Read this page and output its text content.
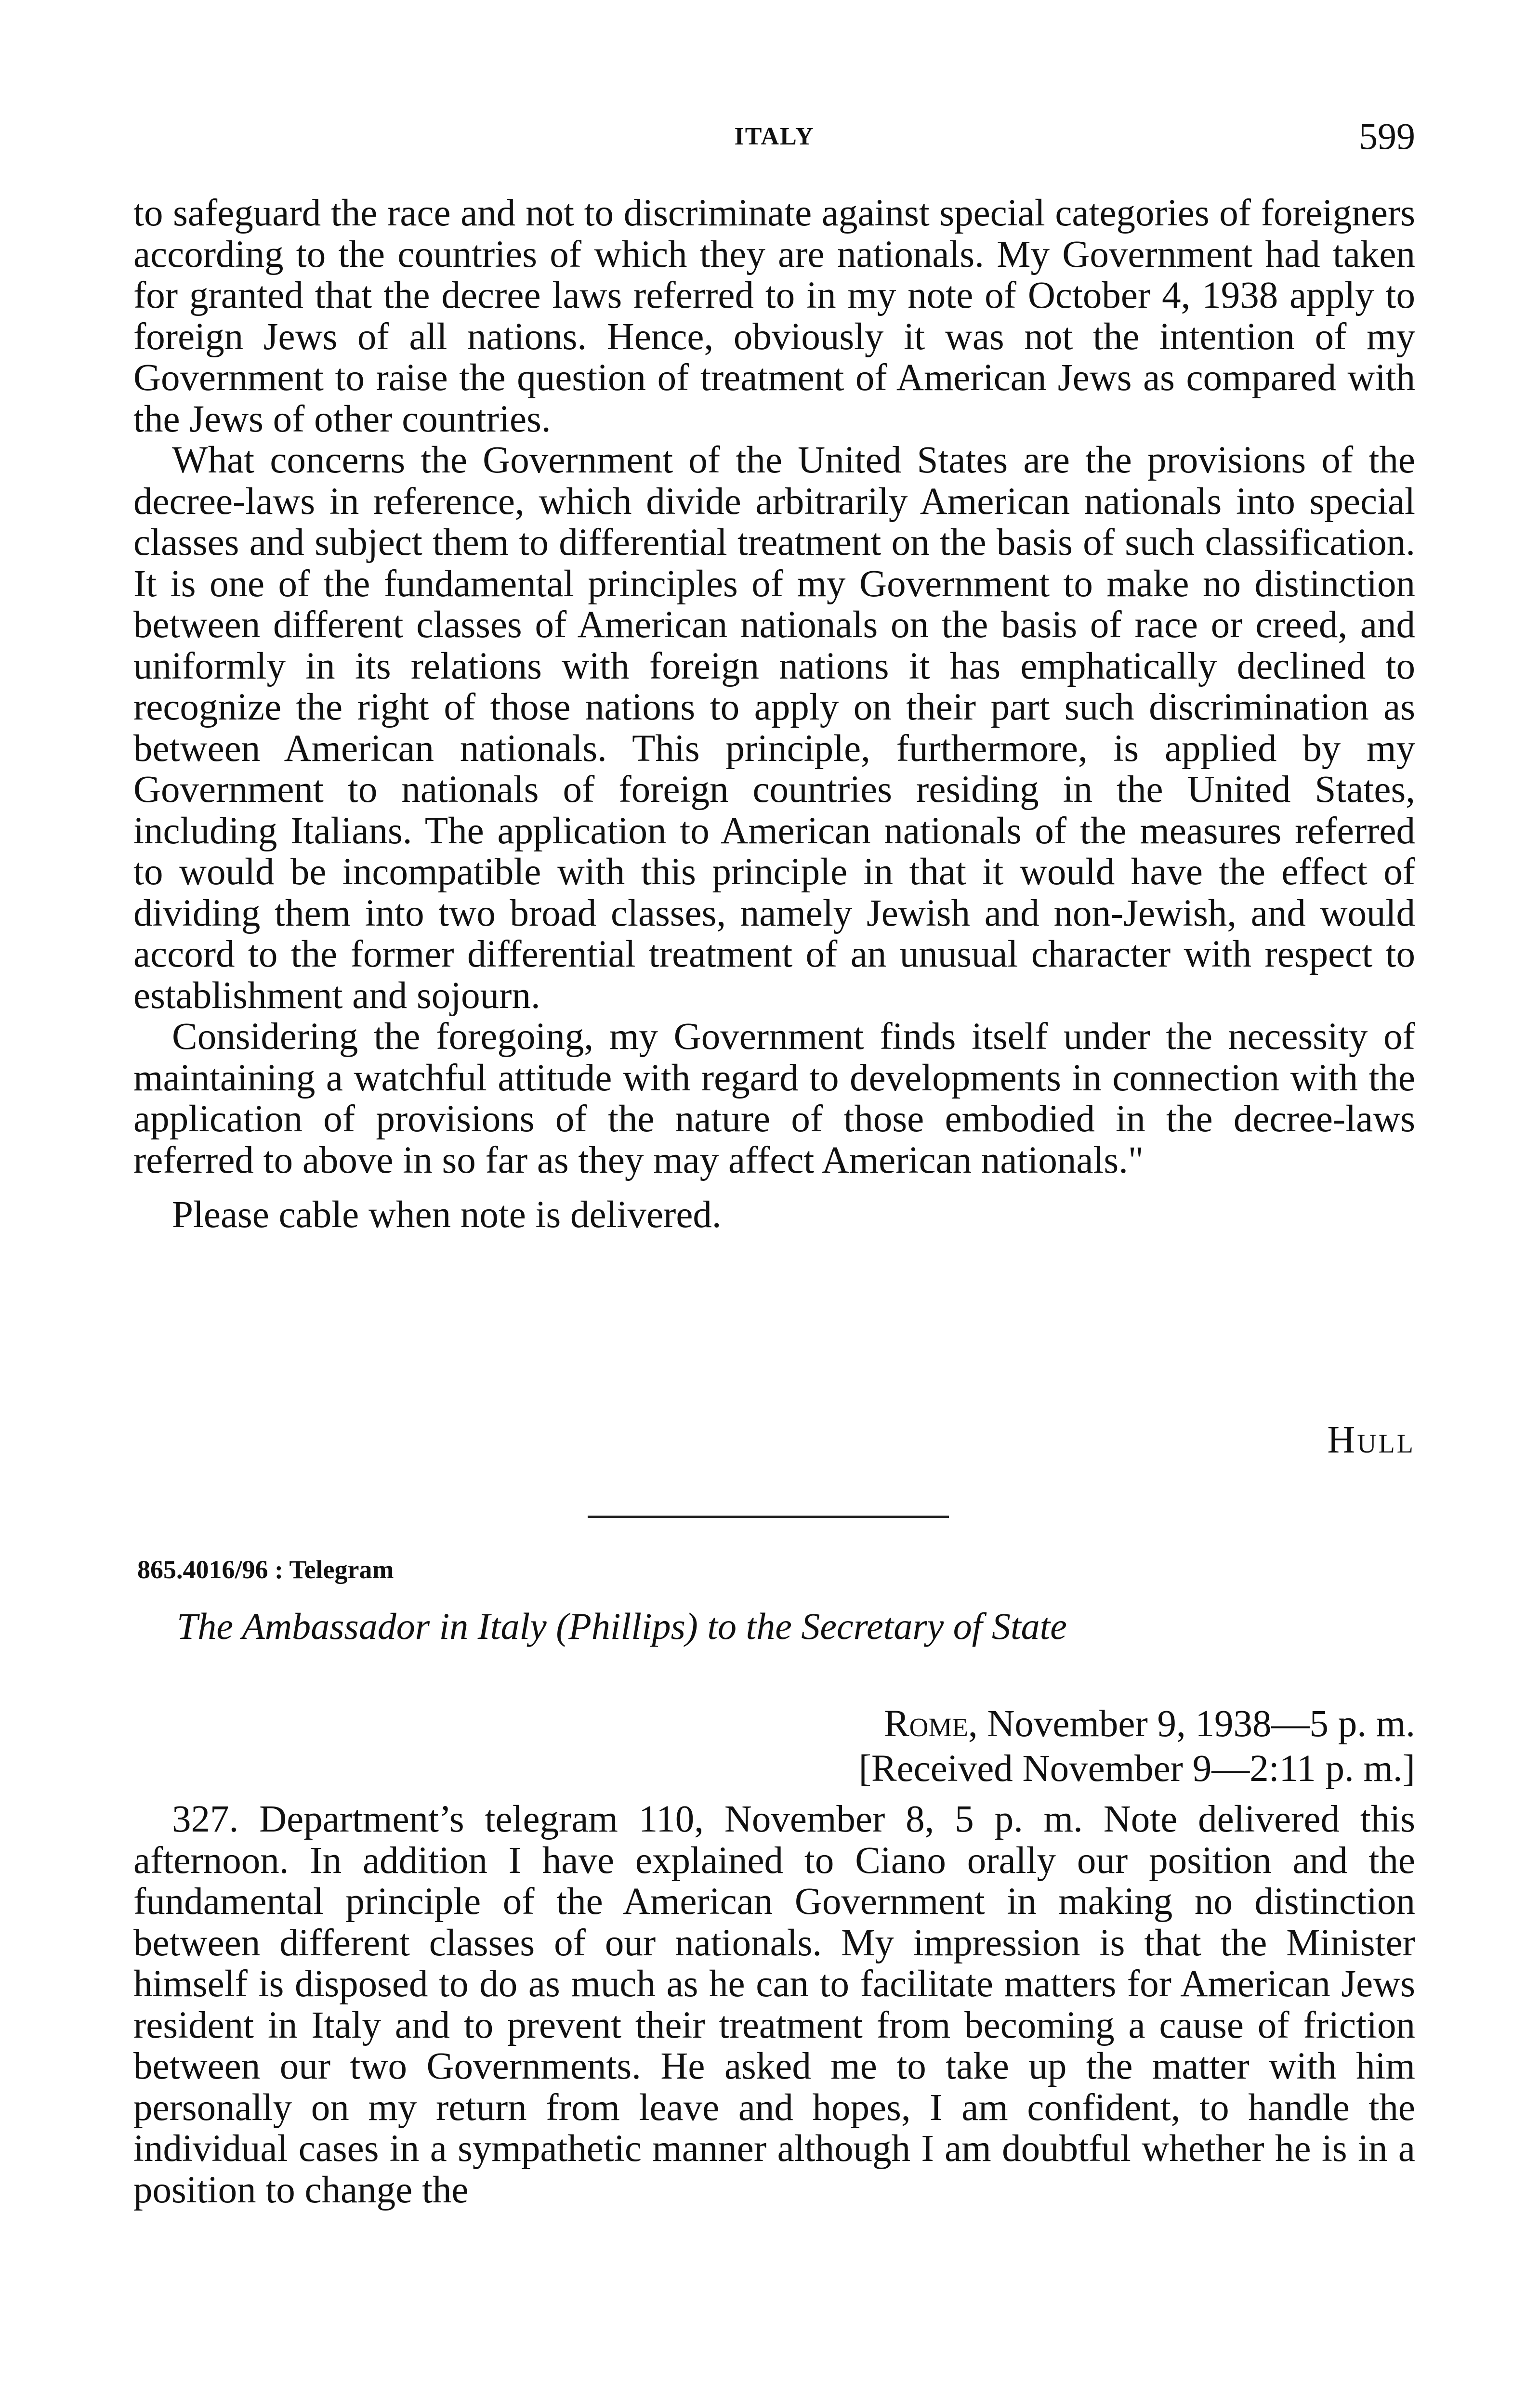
ITALY	599

to safeguard the race and not to discriminate against special categories of foreigners according to the countries of which they are nationals. My Government had taken for granted that the decree laws referred to in my note of October 4, 1938 apply to foreign Jews of all nations. Hence, obviously it was not the intention of my Government to raise the question of treatment of American Jews as compared with the Jews of other countries.

What concerns the Government of the United States are the provisions of the decree-laws in reference, which divide arbitrarily American nationals into special classes and subject them to differential treatment on the basis of such classification. It is one of the fundamental principles of my Government to make no distinction between different classes of American nationals on the basis of race or creed, and uniformly in its relations with foreign nations it has emphatically declined to recognize the right of those nations to apply on their part such discrimination as between American nationals. This principle, furthermore, is applied by my Government to nationals of foreign countries residing in the United States, including Italians. The application to American nationals of the measures referred to would be incompatible with this principle in that it would have the effect of dividing them into two broad classes, namely Jewish and non-Jewish, and would accord to the former differential treatment of an unusual character with respect to establishment and sojourn.

Considering the foregoing, my Government finds itself under the necessity of maintaining a watchful attitude with regard to developments in connection with the application of provisions of the nature of those embodied in the decree-laws referred to above in so far as they may affect American nationals."

Please cable when note is delivered.

Hull
865.4016/96 : Telegram
The Ambassador in Italy (Phillips) to the Secretary of State
Rome, November 9, 1938—5 p. m.
[Received November 9—2:11 p. m.]

327. Department’s telegram 110, November 8, 5 p. m. Note delivered this afternoon. In addition I have explained to Ciano orally our position and the fundamental principle of the American Government in making no distinction between different classes of our nationals. My impression is that the Minister himself is disposed to do as much as he can to facilitate matters for American Jews resident in Italy and to prevent their treatment from becoming a cause of friction between our two Governments. He asked me to take up the matter with him personally on my return from leave and hopes, I am confident, to handle the individual cases in a sympathetic manner although I am doubtful whether he is in a position to change the
